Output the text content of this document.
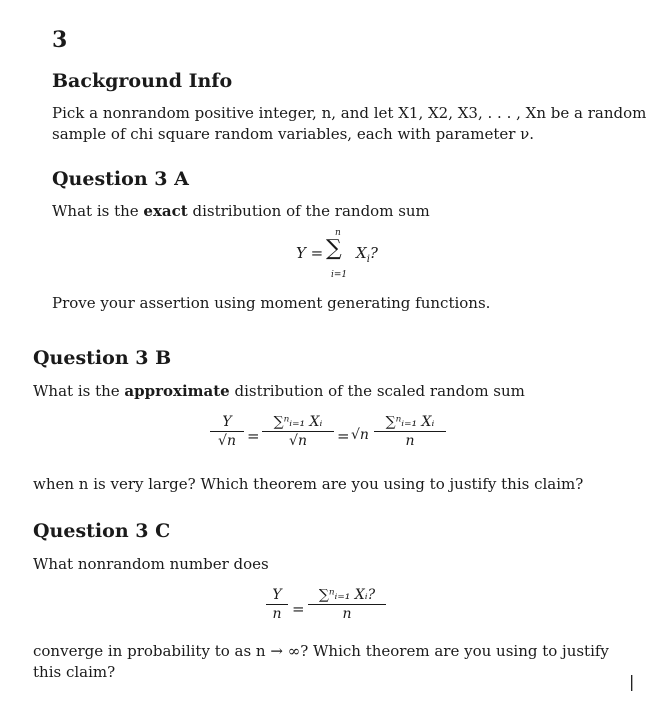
3
Background Info

Pick a nonrandom positive integer, n, and let X1, X2, X3, . . . , Xn be a random

sample of chi square random variables, each with parameter ν.

Question 3 A

What is the exact distribution of the random sum

Y =
n
∑
i=1
$X_i$?

Prove your assertion using moment generating functions.

Question 3 B

What is the approximate distribution of the scaled random sum

$\frac{Y}{√n} = \frac{\text{∑ⁿᵢ₌₁ Xᵢ}}{√n} = √n \frac{\text{∑ⁿᵢ₌₁ Xᵢ}}{n}$

when n is very large? Which theorem are you using to justify this claim?

Question 3 C

What nonrandom number does

$\frac{Y}{n} = \frac{\text{∑ⁿᵢ₌₁ Xᵢ?}}{n}$

converge in probability to as n → ∞? Which theorem are you using to justify

this claim?	|
